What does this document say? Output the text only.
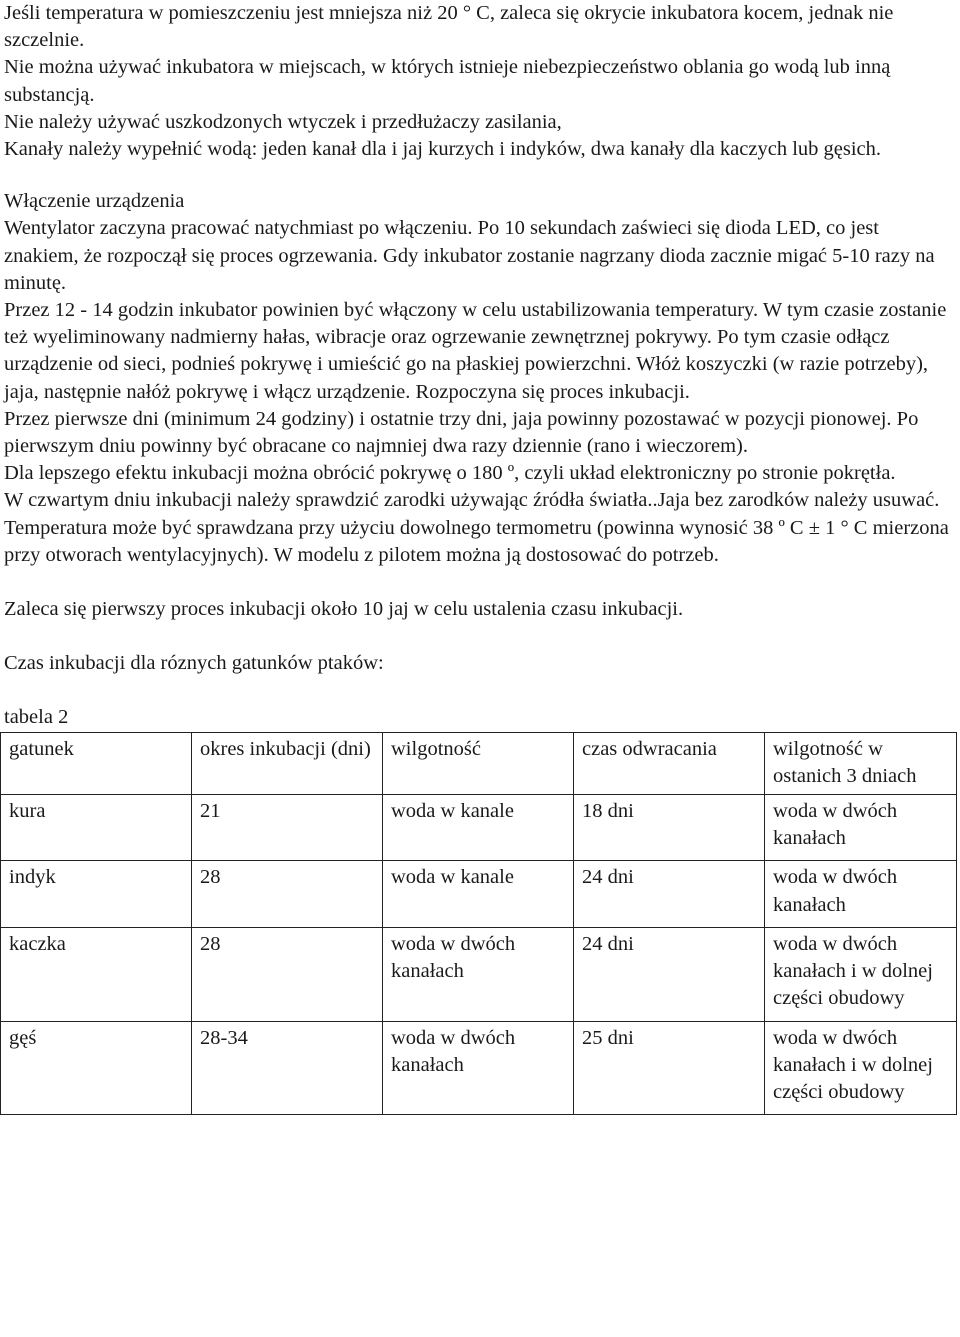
Jeśli temperatura w pomieszczeniu jest mniejsza niż 20 ° C, zaleca się okrycie inkubatora kocem, jednak nie szczelnie.

Nie można używać inkubatora w miejscach, w których istnieje niebezpieczeństwo oblania go wodą lub inną substancją.

Nie należy używać uszkodzonych wtyczek i przedłużaczy zasilania,

Kanały należy wypełnić wodą: jeden kanał dla i jaj kurzych i indyków, dwa kanały dla kaczych lub gęsich.

Włączenie urządzenia

Wentylator zaczyna pracować natychmiast po włączeniu. Po 10 sekundach zaświeci się dioda LED, co jest znakiem, że rozpoczął się proces ogrzewania. Gdy inkubator zostanie nagrzany dioda zacznie migać 5-10 razy na minutę.

Przez 12 - 14 godzin inkubator powinien być włączony w celu ustabilizowania temperatury. W tym czasie zostanie też wyeliminowany nadmierny hałas, wibracje oraz ogrzewanie zewnętrznej pokrywy. Po tym czasie odłącz urządzenie od sieci, podnieś pokrywę i umieścić go na płaskiej powierzchni. Włóż koszyczki (w razie potrzeby), jaja, następnie nałóż pokrywę i włącz urządzenie. Rozpoczyna się proces inkubacji.

Przez pierwsze dni (minimum 24 godziny) i ostatnie trzy dni, jaja powinny pozostawać w pozycji pionowej. Po pierwszym dniu powinny być obracane co najmniej dwa razy dziennie (rano i wieczorem).

Dla lepszego efektu inkubacji można obrócić pokrywę o 180 º, czyli układ elektroniczny po stronie pokrętła.

W czwartym dniu inkubacji należy sprawdzić zarodki używając źródła światła..Jaja bez zarodków należy usuwać.

Temperatura może być sprawdzana przy użyciu dowolnego termometru (powinna wynosić 38 º C ± 1 ° C mierzona przy otworach wentylacyjnych). W modelu z pilotem można ją dostosować do potrzeb.

Zaleca się pierwszy proces inkubacji około 10 jaj w celu ustalenia czasu inkubacji.

Czas inkubacji dla róznych gatunków ptaków:

tabela 2

gatunek	okres inkubacji (dni)	wilgotność	czas odwracania	wilgotność w ostanich 3 dniach
kura	21	woda w kanale	18 dni	woda w dwóch kanałach
indyk	28	woda w kanale	24 dni	woda w dwóch kanałach
kaczka	28	woda w dwóch kanałach	24 dni	woda w dwóch kanałach i w dolnej części obudowy
gęś	28-34	woda w dwóch kanałach	25 dni	woda w dwóch kanałach i w dolnej części obudowy
